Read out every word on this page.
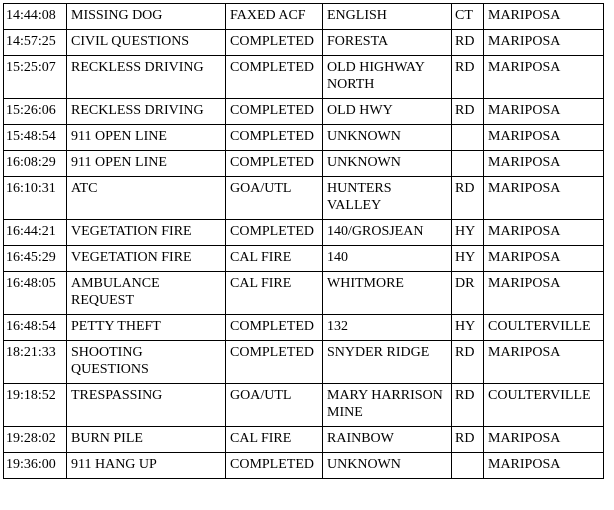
14:44:08	MISSING DOG	FAXED ACF	ENGLISH	CT	MARIPOSA
14:57:25	CIVIL QUESTIONS	COMPLETED	FORESTA	RD	MARIPOSA
15:25:07	RECKLESS DRIVING	COMPLETED	OLD HIGHWAY NORTH	RD	MARIPOSA
15:26:06	RECKLESS DRIVING	COMPLETED	OLD HWY	RD	MARIPOSA
15:48:54	911 OPEN LINE	COMPLETED	UNKNOWN		MARIPOSA
16:08:29	911 OPEN LINE	COMPLETED	UNKNOWN		MARIPOSA
16:10:31	ATC	GOA/UTL	HUNTERS VALLEY	RD	MARIPOSA
16:44:21	VEGETATION FIRE	COMPLETED	140/GROSJEAN	HY	MARIPOSA
16:45:29	VEGETATION FIRE	CAL FIRE	140	HY	MARIPOSA
16:48:05	AMBULANCE REQUEST	CAL FIRE	WHITMORE	DR	MARIPOSA
16:48:54	PETTY THEFT	COMPLETED	132	HY	COULTERVILLE
18:21:33	SHOOTING QUESTIONS	COMPLETED	SNYDER RIDGE	RD	MARIPOSA
19:18:52	TRESPASSING	GOA/UTL	MARY HARRISON MINE	RD	COULTERVILLE
19:28:02	BURN PILE	CAL FIRE	RAINBOW	RD	MARIPOSA
19:36:00	911 HANG UP	COMPLETED	UNKNOWN		MARIPOSA
